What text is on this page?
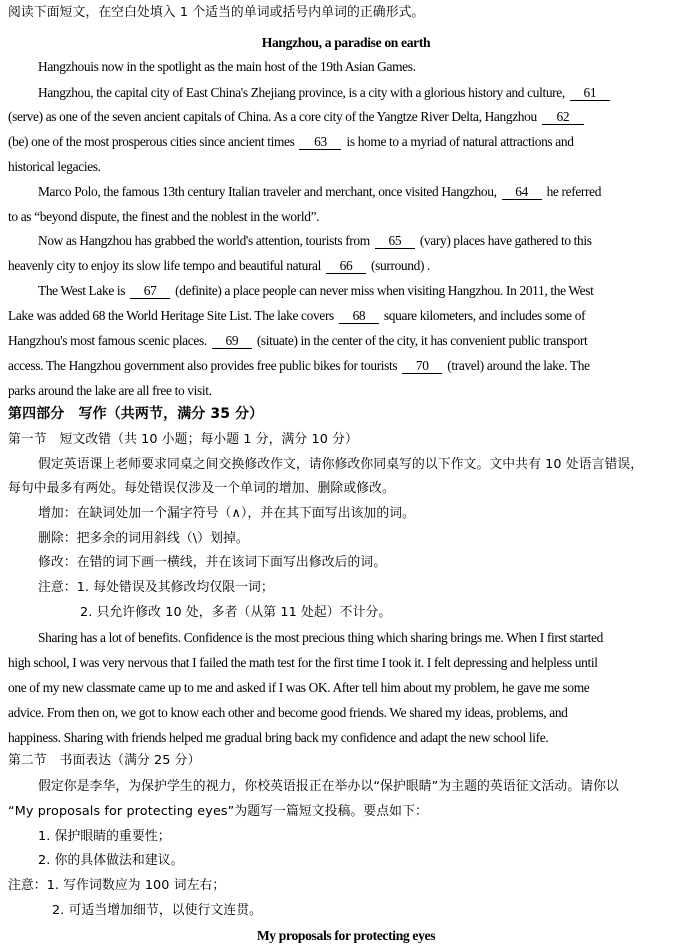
阅读下面短文，在空白处填入 1 个适当的单词或括号内单词的正确形式。
Hangzhou, a paradise on earth
Hangzhouis now in the spotlight as the main host of the 19th Asian Games.
Hangzhou, the capital city of East China's Zhejiang province, is a city with a glorious history and culture, 61
(serve) as one of the seven ancient capitals of China. As a core city of the Yangtze River Delta, Hangzhou 62
(be) one of the most prosperous cities since ancient times 63 is home to a myriad of natural attractions and
historical legacies.
Marco Polo, the famous 13th century Italian traveler and merchant, once visited Hangzhou, 64 he referred
to as “beyond dispute, the finest and the noblest in the world”.
Now as Hangzhou has grabbed the world's attention, tourists from 65 (vary) places have gathered to this
heavenly city to enjoy its slow life tempo and beautiful natural 66 (surround) .
The West Lake is 67 (definite) a place people can never miss when visiting Hangzhou. In 2011, the West
Lake was added 68 the World Heritage Site List. The lake covers 68 square kilometers, and includes some of
Hangzhou's most famous scenic places. 69 (situate) in the center of the city, it has convenient public transport
access. The Hangzhou government also provides free public bikes for tourists 70 (travel) around the lake. The
parks around the lake are all free to visit.
第四部分　写作（共两节，满分 35 分）
第一节　短文改错（共 10 小题；每小题 1 分，满分 10 分）
假定英语课上老师要求同桌之间交换修改作文，请你修改你同桌写的以下作文。文中共有 10 处语言错误，
每句中最多有两处。每处错误仅涉及一个单词的增加、删除或修改。
增加：在缺词处加一个漏字符号（∧），并在其下面写出该加的词。
删除：把多余的词用斜线（\）划掉。
修改：在错的词下画一横线，并在该词下面写出修改后的词。
注意：1. 每处错误及其修改均仅限一词；
2. 只允许修改 10 处，多者（从第 11 处起）不计分。
Sharing has a lot of benefits. Confidence is the most precious thing which sharing brings me. When I first started
high school, I was very nervous that I failed the math test for the first time I took it. I felt depressing and helpless until
one of my new classmate came up to me and asked if I was OK. After tell him about my problem, he gave me some
advice. From then on, we got to know each other and become good friends. We shared my ideas, problems, and
happiness. Sharing with friends helped me gradual bring back my confidence and adapt the new school life.
第二节　书面表达（满分 25 分）
假定你是李华，为保护学生的视力，你校英语报正在举办以“保护眼睛”为主题的英语征文活动。请你以
“My proposals for protecting eyes”为题写一篇短文投稿。要点如下：
1. 保护眼睛的重要性；
2. 你的具体做法和建议。
注意：1. 写作词数应为 100 词左右；
2. 可适当增加细节，以使行文连贯。
My proposals for protecting eyes
